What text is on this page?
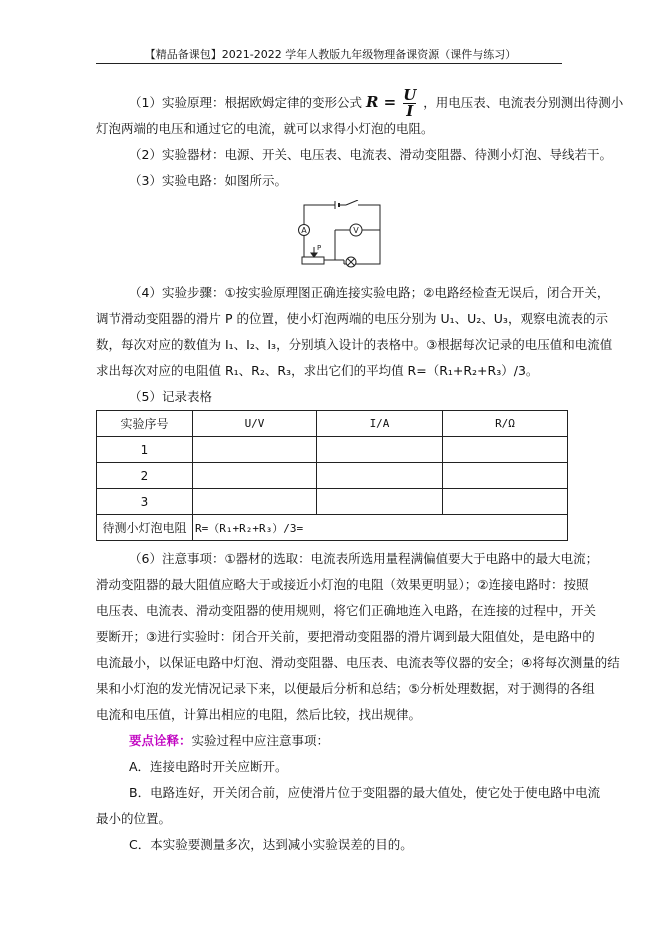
【精品备课包】2021-2022 学年人教版九年级物理备课资源（课件与练习）
（1）实验原理：根据欧姆定律的变形公式 $R = \frac{U}{I}$ ，用电压表、电流表分别测出待测小
灯泡两端的电压和通过它的电流，就可以求得小灯泡的电阻。
（2）实验器材：电源、开关、电压表、电流表、滑动变阻器、待测小灯泡、导线若干。
（3）实验电路：如图所示。
A	V
P
（4）实验步骤：①按实验原理图正确连接实验电路；②电路经检查无误后，闭合开关，
调节滑动变阻器的滑片 P 的位置，使小灯泡两端的电压分别为 U₁、U₂、U₃，观察电流表的示
数，每次对应的数值为 I₁、I₂、I₃，分别填入设计的表格中。③根据每次记录的电压值和电流值
求出每次对应的电阻值 R₁、R₂、R₃，求出它们的平均值 R=（R₁+R₂+R₃）/3。
（5）记录表格
实验序号	U/V	I/A	R/Ω
1			
2			
3			
待测小灯泡电阻	R=（R₁+R₂+R₃）/3=		
（6）注意事项：①器材的选取：电流表所选用量程满偏值要大于电路中的最大电流；
滑动变阻器的最大阻值应略大于或接近小灯泡的电阻（效果更明显）；②连接电路时：按照
电压表、电流表、滑动变阻器的使用规则，将它们正确地连入电路，在连接的过程中，开关
要断开；③进行实验时：闭合开关前，要把滑动变阻器的滑片调到最大阻值处，是电路中的
电流最小，以保证电路中灯泡、滑动变阻器、电压表、电流表等仪器的安全；④将每次测量的结
果和小灯泡的发光情况记录下来，以便最后分析和总结；⑤分析处理数据，对于测得的各组
电流和电压值，计算出相应的电阻，然后比较，找出规律。
要点诠释：实验过程中应注意事项：
A．连接电路时开关应断开。
B．电路连好，开关闭合前，应使滑片位于变阻器的最大值处，使它处于使电路中电流
最小的位置。
C．本实验要测量多次，达到减小实验误差的目的。
